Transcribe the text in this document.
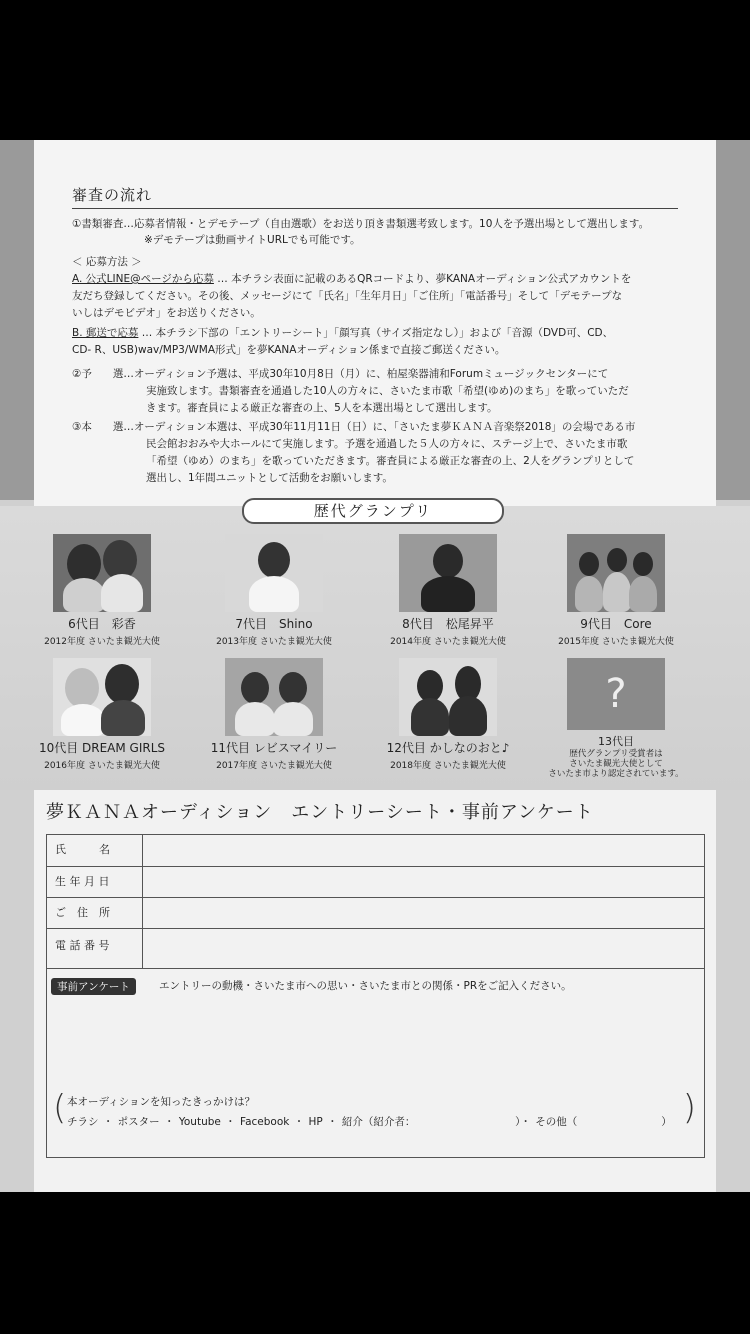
審査の流れ
①書類審査…応募者情報・とデモテープ（自由選歌）をお送り頂き書類選考致します。10人を予選出場として選出します。
※デモテープは動画サイトURLでも可能です。
＜ 応募方法 ＞
A. 公式LINE@ページから応募 … 本チラシ表面に記載のあるQRコードより、夢KANAオーディション公式アカウントを
友だち登録してください。その後、メッセージにて「氏名」「生年月日」「ご住所」「電話番号」そして「デモテープな
いしはデモビデオ」をお送りください。
B. 郵送で応募 … 本チラシ下部の「エントリーシート」「顔写真（サイズ指定なし）」および「音源（DVD可、CD、
CD- R、USB)wav/MP3/WMA形式」を夢KANAオーディション係まで直接ご郵送ください。
②予　　選…オーディション予選は、平成30年10月8日（月）に、柏屋楽器浦和Forumミュージックセンターにて
実施致します。書類審査を通過した10人の方々に、さいたま市歌「希望(ゆめ)のまち」を歌っていただ
きます。審査員による厳正な審査の上、5人を本選出場として選出します。
③本　　選…オーディション本選は、平成30年11月11日（日）に、「さいたま夢ＫＡＮＡ音楽祭2018」の会場である市
民会館おおみや大ホールにて実施します。予選を通過した５人の方々に、ステージ上で、さいたま市歌
「希望（ゆめ）のまち」を歌っていただきます。審査員による厳正な審査の上、2人をグランプリとして
選出し、1年間ユニットとして活動をお願いします。
歴代グランプリ
6代目　彩香
2012年度 さいたま観光大使
7代目　Shino
2013年度 さいたま観光大使
8代目　松尾昇平
2014年度 さいたま観光大使
9代目　Core
2015年度 さいたま観光大使
10代目 DREAM GIRLS
2016年度 さいたま観光大使
11代目 レビスマイリー
2017年度 さいたま観光大使
12代目 かしなのおと♪
2018年度 さいたま観光大使
?
13代目
歴代グランプリ受賞者は
さいたま観光大使として
さいたま市より認定されています。
夢ＫＡＮＡオーディション　エントリーシート・事前アンケート
氏　　　名
生 年 月 日
ご　住　所
電 話 番 号
事前アンケート	エントリーの動機・さいたま市への思い・さいたま市との関係・PRをご記入ください。
(	)
本オーディションを知ったきっかけは？
チラシ ・ ポスター ・ Youtube ・ Facebook ・ HP ・ 紹介（紹介者：　　　　　　　　　　）・ その他（　　　　　　　　）
